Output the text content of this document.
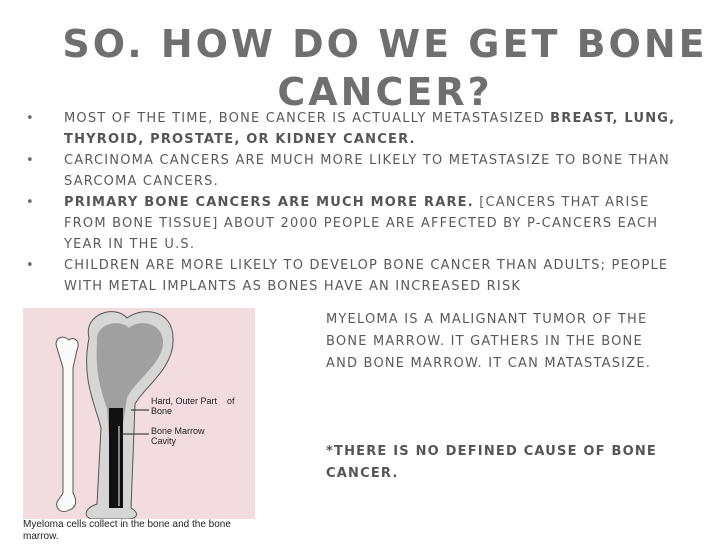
SO. HOW DO WE GET BONE CANCER?
•	MOST OF THE TIME, BONE CANCER IS ACTUALLY METASTASIZED BREAST, LUNG, THYROID, PROSTATE, OR KIDNEY CANCER.
•	CARCINOMA CANCERS ARE MUCH MORE LIKELY TO METASTASIZE TO BONE THAN SARCOMA CANCERS.
•	PRIMARY BONE CANCERS ARE MUCH MORE RARE. [CANCERS THAT ARISE FROM BONE TISSUE] ABOUT 2000 PEOPLE ARE AFFECTED BY P-CANCERS EACH YEAR IN THE U.S.
•	CHILDREN ARE MORE LIKELY TO DEVELOP BONE CANCER THAN ADULTS; PEOPLE WITH METAL IMPLANTS AS BONES HAVE AN INCREASED RISK
Hard, Outer Part of
Bone
Bone Marrow
Cavity
Myeloma cells collect in the bone and the bone marrow.
MYELOMA IS A MALIGNANT TUMOR OF THE BONE MARROW. IT GATHERS IN THE BONE AND BONE MARROW. IT CAN MATASTASIZE.
*THERE IS NO DEFINED CAUSE OF BONE CANCER.
